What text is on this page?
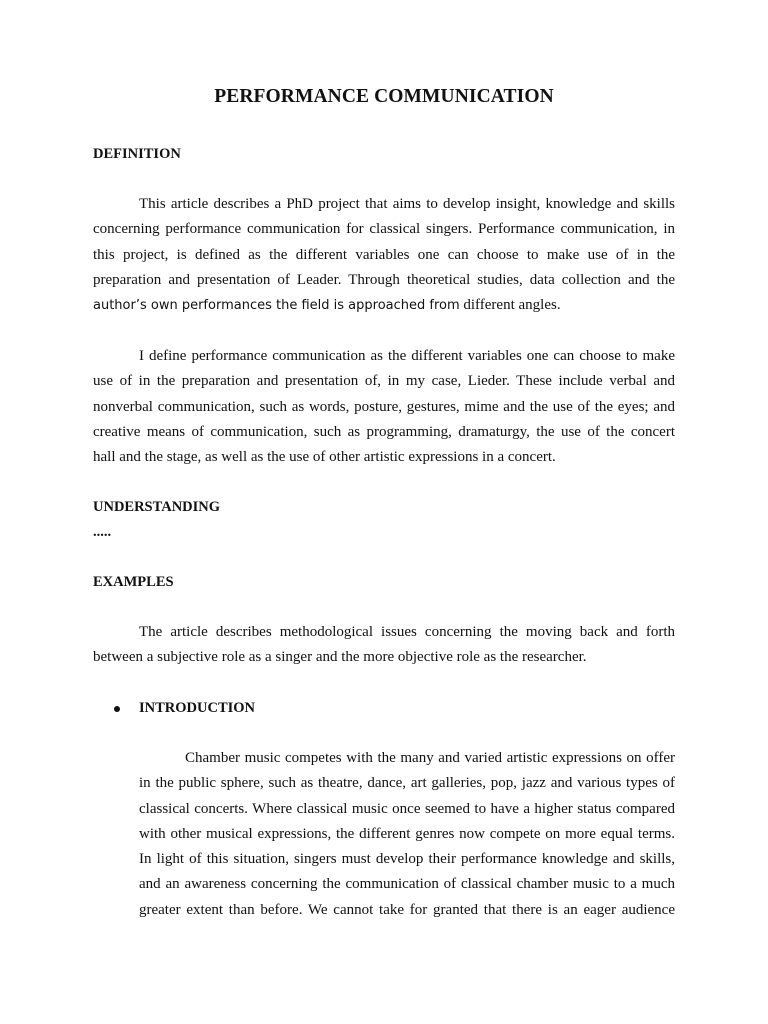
PERFORMANCE COMMUNICATION
DEFINITION
This article describes a PhD project that aims to develop insight, knowledge and skills
concerning performance communication for classical singers. Performance communication, in
this project, is defined as the different variables one can choose to make use of in the
preparation and presentation of Leader. Through theoretical studies, data collection and the
author’s own performances the field is approached from different angles.
I define performance communication as the different variables one can choose to make
use of in the preparation and presentation of, in my case, Lieder. These include verbal and
nonverbal communication, such as words, posture, gestures, mime and the use of the eyes; and
creative means of communication, such as programming, dramaturgy, the use of the concert
hall and the stage, as well as the use of other artistic expressions in a concert.
UNDERSTANDING
.....
EXAMPLES
The article describes methodological issues concerning the moving back and forth
between a subjective role as a singer and the more objective role as the researcher.
INTRODUCTION
Chamber music competes with the many and varied artistic expressions on offer
in the public sphere, such as theatre, dance, art galleries, pop, jazz and various types of
classical concerts. Where classical music once seemed to have a higher status compared
with other musical expressions, the different genres now compete on more equal terms.
In light of this situation, singers must develop their performance knowledge and skills,
and an awareness concerning the communication of classical chamber music to a much
greater extent than before. We cannot take for granted that there is an eager audience
